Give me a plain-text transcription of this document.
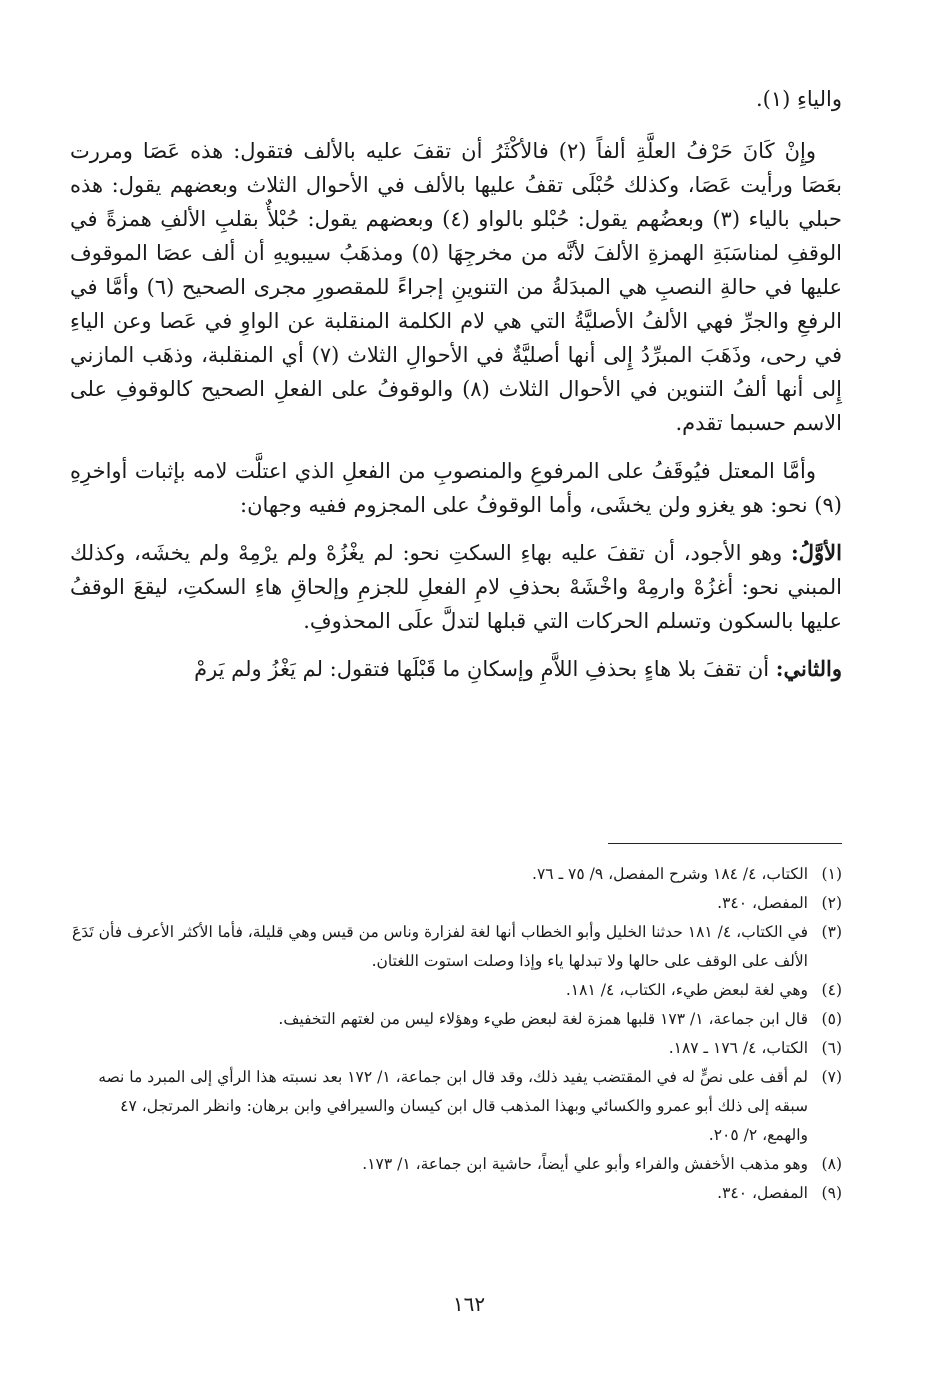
والياءِ (١).

وإِنْ كَانَ حَرْفُ العلَّةِ ألفاً (٢) فالأكْثَرُ أن تقفَ عليه بالألف فتقول: هذه عَصَا ومررت بعَصَا ورأيت عَصَا، وكذلك حُبْلَى تقفُ عليها بالألف في الأحوال الثلاث وبعضهم يقول: هذه حبلي بالياء (٣) وبعضُهم يقول: حُبْلو بالواو (٤) وبعضهم يقول: حُبْلأٌ بقلبِ الألفِ همزةً في الوقفِ لمناسَبَةِ الهمزةِ الألفَ لأنَّه من مخرجِهَا (٥) ومذهَبُ سيبويهِ أن ألف عصَا الموقوف عليها في حالةِ النصبِ هي المبدَلةُ من التنوينِ إجراءً للمقصورِ مجرى الصحيح (٦) وأمَّا في الرفعِ والجرِّ فهي الألفُ الأصليَّةُ التي هي لام الكلمة المنقلبة عن الواوِ في عَصا وعن الياءِ في رحى، وذَهَبَ المبرِّدُ إِلى أنها أصليَّةٌ في الأحوالِ الثلاث (٧) أي المنقلبة، وذهَب المازني إِلى أنها ألفُ التنوين في الأحوال الثلاث (٨) والوقوفُ على الفعلِ الصحيح كالوقوفِ على الاسم حسبما تقدم.

وأمَّا المعتل فيُوقَفُ على المرفوعِ والمنصوبِ من الفعلِ الذي اعتلَّت لامه بإثبات أواخرِهِ (٩) نحو: هو يغزو ولن يخشَى، وأما الوقوفُ على المجزوم ففيه وجهان:

الأوَّلُ: وهو الأجود، أن تقفَ عليه بهاءِ السكتِ نحو: لم يغْزُهْ ولم يرْمِهْ ولم يخشَه، وكذلك المبني نحو: أغزُهْ وارمِهْ واخْشَهْ بحذفِ لامِ الفعلِ للجزمِ وإلحاقِ هاءِ السكتِ، ليقعَ الوقفُ عليها بالسكون وتسلم الحركات التي قبلها لتدلَّ علَى المحذوفِ.

والثاني: أن تقفَ بلا هاءٍ بحذفِ اللاَّمِ وإسكانِ ما قَبْلَها فتقول: لم يَغْزُ ولم يَرمْ

(١)
الكتاب، ٤/ ١٨٤ وشرح المفصل، ٩/ ٧٥ ـ ٧٦.

(٢)
المفصل، ٣٤٠.

(٣)
في الكتاب، ٤/ ١٨١ حدثنا الخليل وأبو الخطاب أنها لغة لفزارة وناس من قيس وهي قليلة، فأما الأكثر الأعرف فأن تَدَعَ الألف على الوقف على حالها ولا تبدلها ياء وإذا وصلت استوت اللغتان.

(٤)
وهي لغة لبعض طيء، الكتاب، ٤/ ١٨١.

(٥)
قال ابن جماعة، ١/ ١٧٣ قلبها همزة لغة لبعض طيء وهؤلاء ليس من لغتهم التخفيف.

(٦)
الكتاب، ٤/ ١٧٦ ـ ١٨٧.

(٧)
لم أقف على نصٍّ له في المقتضب يفيد ذلك، وقد قال ابن جماعة، ١/ ١٧٢ بعد نسبته هذا الرأي إلى المبرد ما نصه سبقه إلى ذلك أبو عمرو والكسائي وبهذا المذهب قال ابن كيسان والسيرافي وابن برهان: وانظر المرتجل، ٤٧ والهمع، ٢/ ٢٠٥.

(٨)
وهو مذهب الأخفش والفراء وأبو علي أيضاً، حاشية ابن جماعة، ١/ ١٧٣.

(٩)
المفصل، ٣٤٠.

١٦٢
